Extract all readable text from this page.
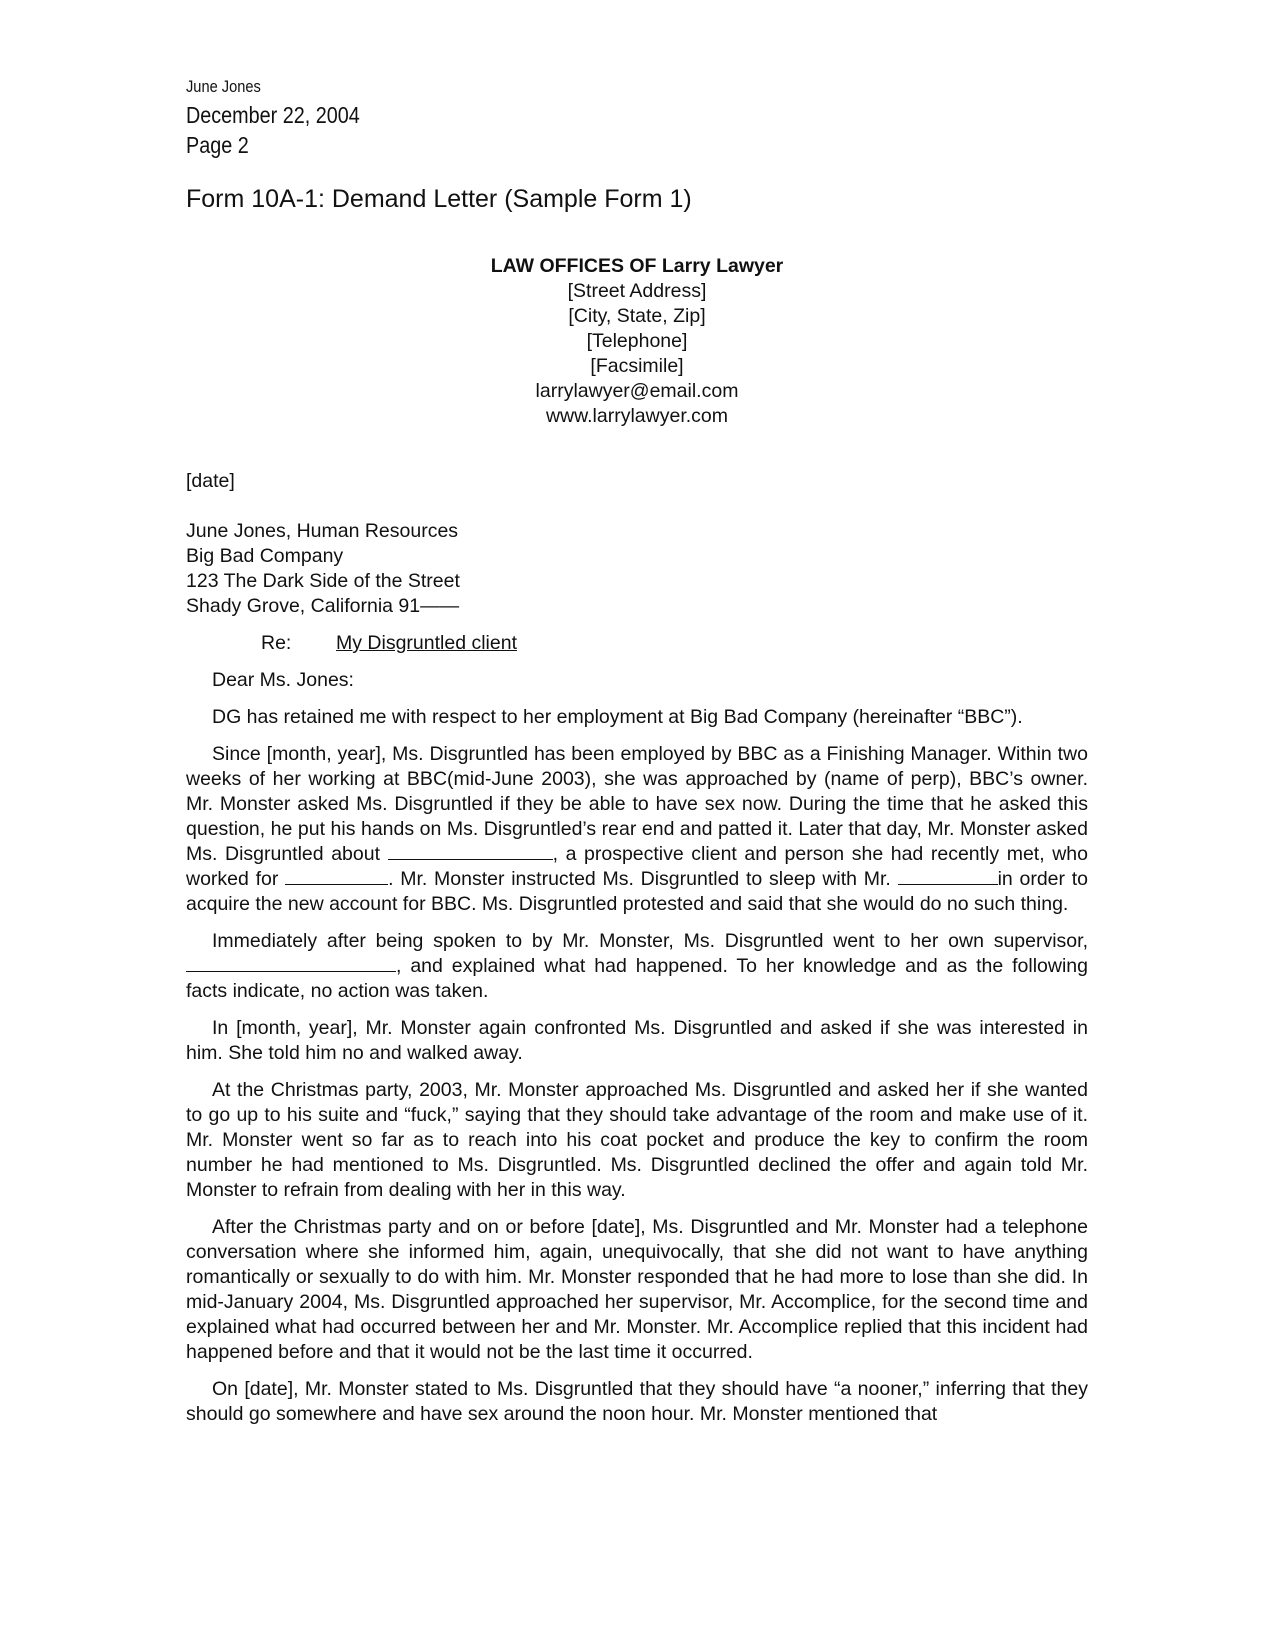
June Jones
December 22, 2004
Page 2
Form 10A-1: Demand Letter (Sample Form 1)
LAW OFFICES OF Larry Lawyer
[Street Address]
[City, State, Zip]
[Telephone]
[Facsimile]
larrylawyer@email.com
www.larrylawyer.com
[date]
June Jones, Human Resources
Big Bad Company
123 The Dark Side of the Street
Shady Grove, California 91——
Re: My Disgruntled client
Dear Ms. Jones:

DG has retained me with respect to her employment at Big Bad Company (hereinafter “BBC”).

Since [month, year], Ms. Disgruntled has been employed by BBC as a Finishing Manager. Within two weeks of her working at BBC(mid-June 2003), she was approached by (name of perp), BBC’s owner. Mr. Monster asked Ms. Disgruntled if they be able to have sex now. During the time that he asked this question, he put his hands on Ms. Disgruntled’s rear end and patted it. Later that day, Mr. Monster asked Ms. Disgruntled about	, a prospective client and person she had recently met, who worked for	. Mr. Monster instructed Ms. Disgruntled to sleep with Mr.	in order to acquire the new account for BBC. Ms. Disgruntled protested and said that she would do no such thing.

Immediately after being spoken to by Mr. Monster, Ms. Disgruntled went to her own supervisor, , and explained what had happened. To her knowledge and as the following facts indicate, no action was taken.

In [month, year], Mr. Monster again confronted Ms. Disgruntled and asked if she was interested in him. She told him no and walked away.

At the Christmas party, 2003, Mr. Monster approached Ms. Disgruntled and asked her if she wanted to go up to his suite and “fuck,” saying that they should take advantage of the room and make use of it. Mr. Monster went so far as to reach into his coat pocket and produce the key to confirm the room number he had mentioned to Ms. Disgruntled. Ms. Disgruntled declined the offer and again told Mr. Monster to refrain from dealing with her in this way.

After the Christmas party and on or before [date], Ms. Disgruntled and Mr. Monster had a telephone conversation where she informed him, again, unequivocally, that she did not want to have anything romantically or sexually to do with him. Mr. Monster responded that he had more to lose than she did. In mid-January 2004, Ms. Disgruntled approached her supervisor, Mr. Accomplice, for the second time and explained what had occurred between her and Mr. Monster. Mr. Accomplice replied that this incident had happened before and that it would not be the last time it occurred.

On [date], Mr. Monster stated to Ms. Disgruntled that they should have “a nooner,” inferring that they should go somewhere and have sex around the noon hour. Mr. Monster mentioned that
